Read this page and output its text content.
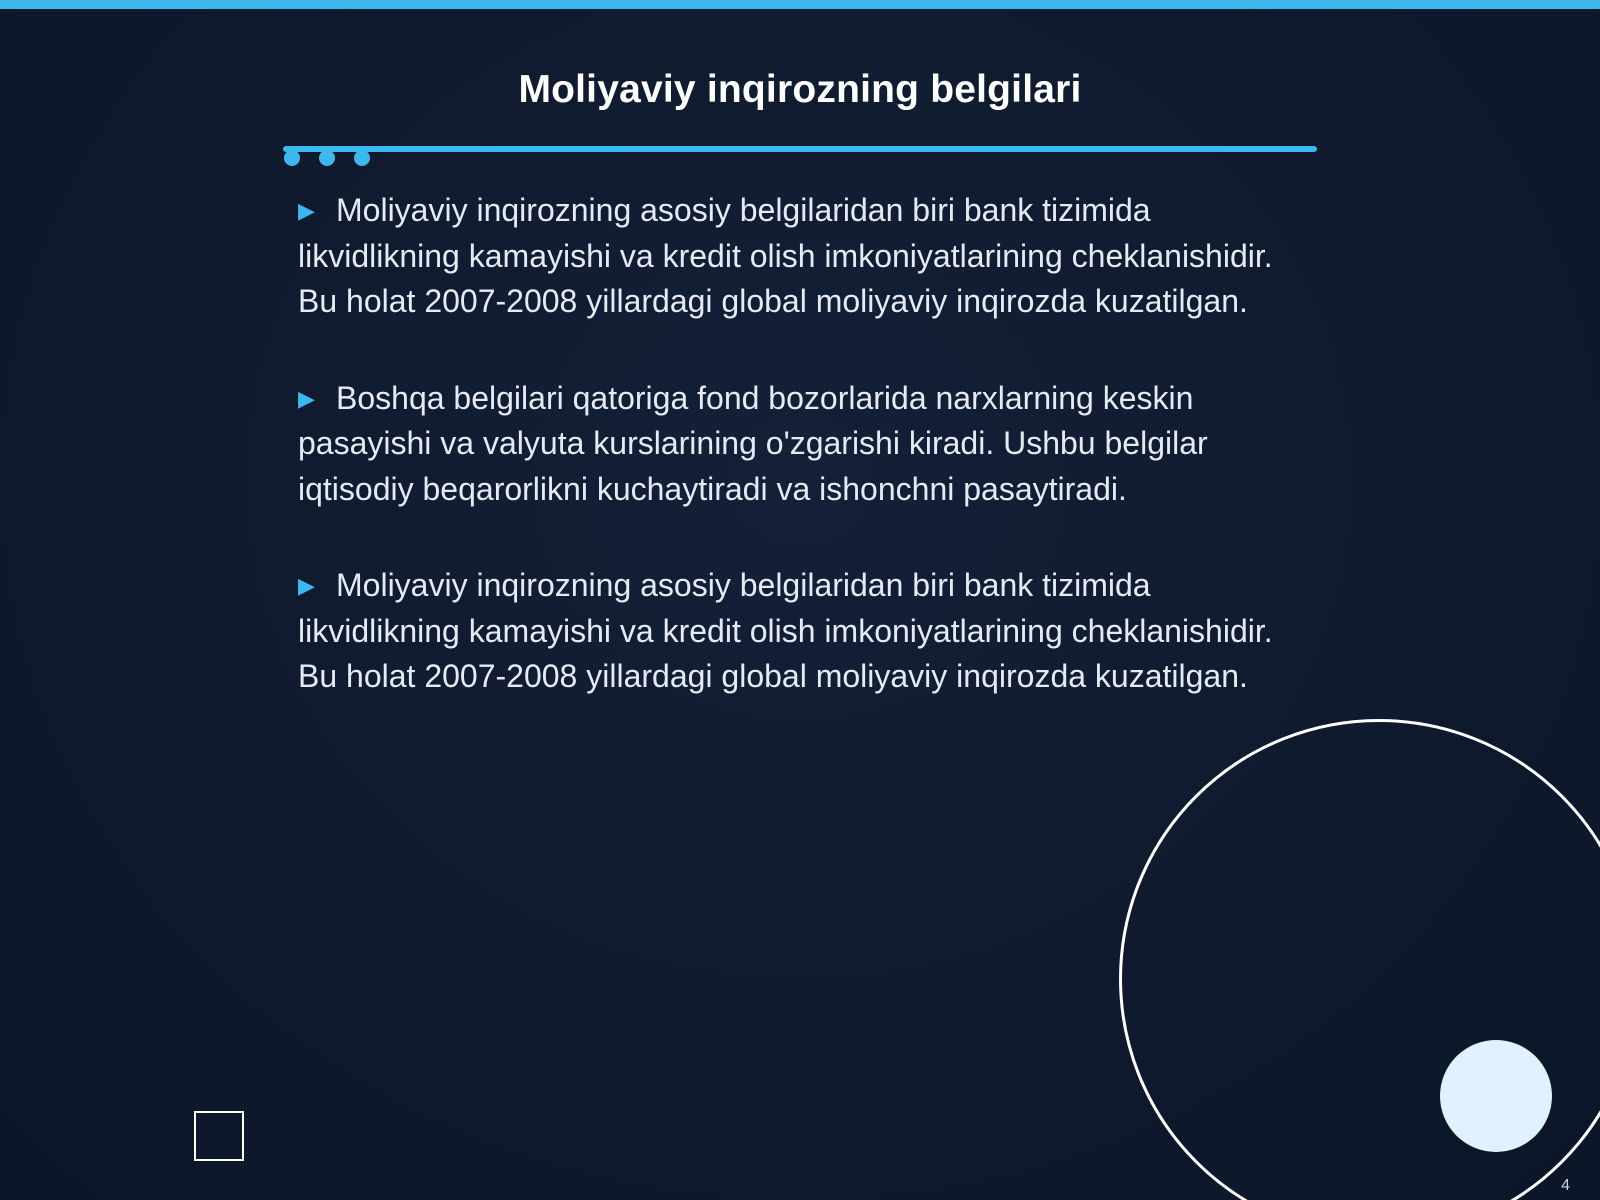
Moliyaviy inqirozning belgilari

▶ Moliyaviy inqirozning asosiy belgilaridan biri bank tizimida likvidlikning kamayishi va kredit olish imkoniyatlarining cheklanishidir. Bu holat 2007-2008 yillardagi global moliyaviy inqirozda kuzatilgan.

▶ Boshqa belgilari qatoriga fond bozorlarida narxlarning keskin pasayishi va valyuta kurslarining o'zgarishi kiradi. Ushbu belgilar iqtisodiy beqarorlikni kuchaytiradi va ishonchni pasaytiradi.

▶ Moliyaviy inqirozning asosiy belgilaridan biri bank tizimida likvidlikning kamayishi va kredit olish imkoniyatlarining cheklanishidir. Bu holat 2007-2008 yillardagi global moliyaviy inqirozda kuzatilgan.

4
